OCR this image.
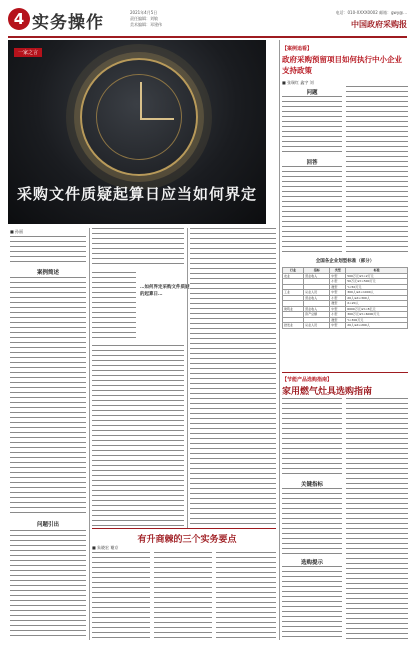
4 实务操作
2021年4月5日
责任编辑：刘敏
美术编辑：邓建伟
电话：010-XXXX0002 邮箱：gwy@...
中国政府采购报
一家之言
采购文件质疑起算日应当如何界定
■ 孙丽
案例简述
问题引出
…如何界定采购文件质疑的起算日…
有升商棘的三个实务要点
■ 朱晓宏 谢京
【案例追看】
政府采购预留项目如何执行中小企业支持政策
■ 张瑞红 鑫宇 刘
问题
回答
全国各企业划型标准（部分）
行业	指标	类型	标准
农业	营业收入	中型	500万元≤Y<2万元
		小型	50万元≤Y<500万元
		微型	Y<50万元
工业	从业人员	中型	300人≤X<1000人
	营业收入	小型	20人≤X<300人
		微型	X<20人
建筑业	营业收入	中型	6000万元≤Y<8亿元
	资产总额	小型	300万元≤Y<6000万元
		微型	Y<300万元
批发业	从业人员	中型	20人≤X<200人
【节能产品选购指南】
家用燃气灶具选购指南
关键指标
选购提示
